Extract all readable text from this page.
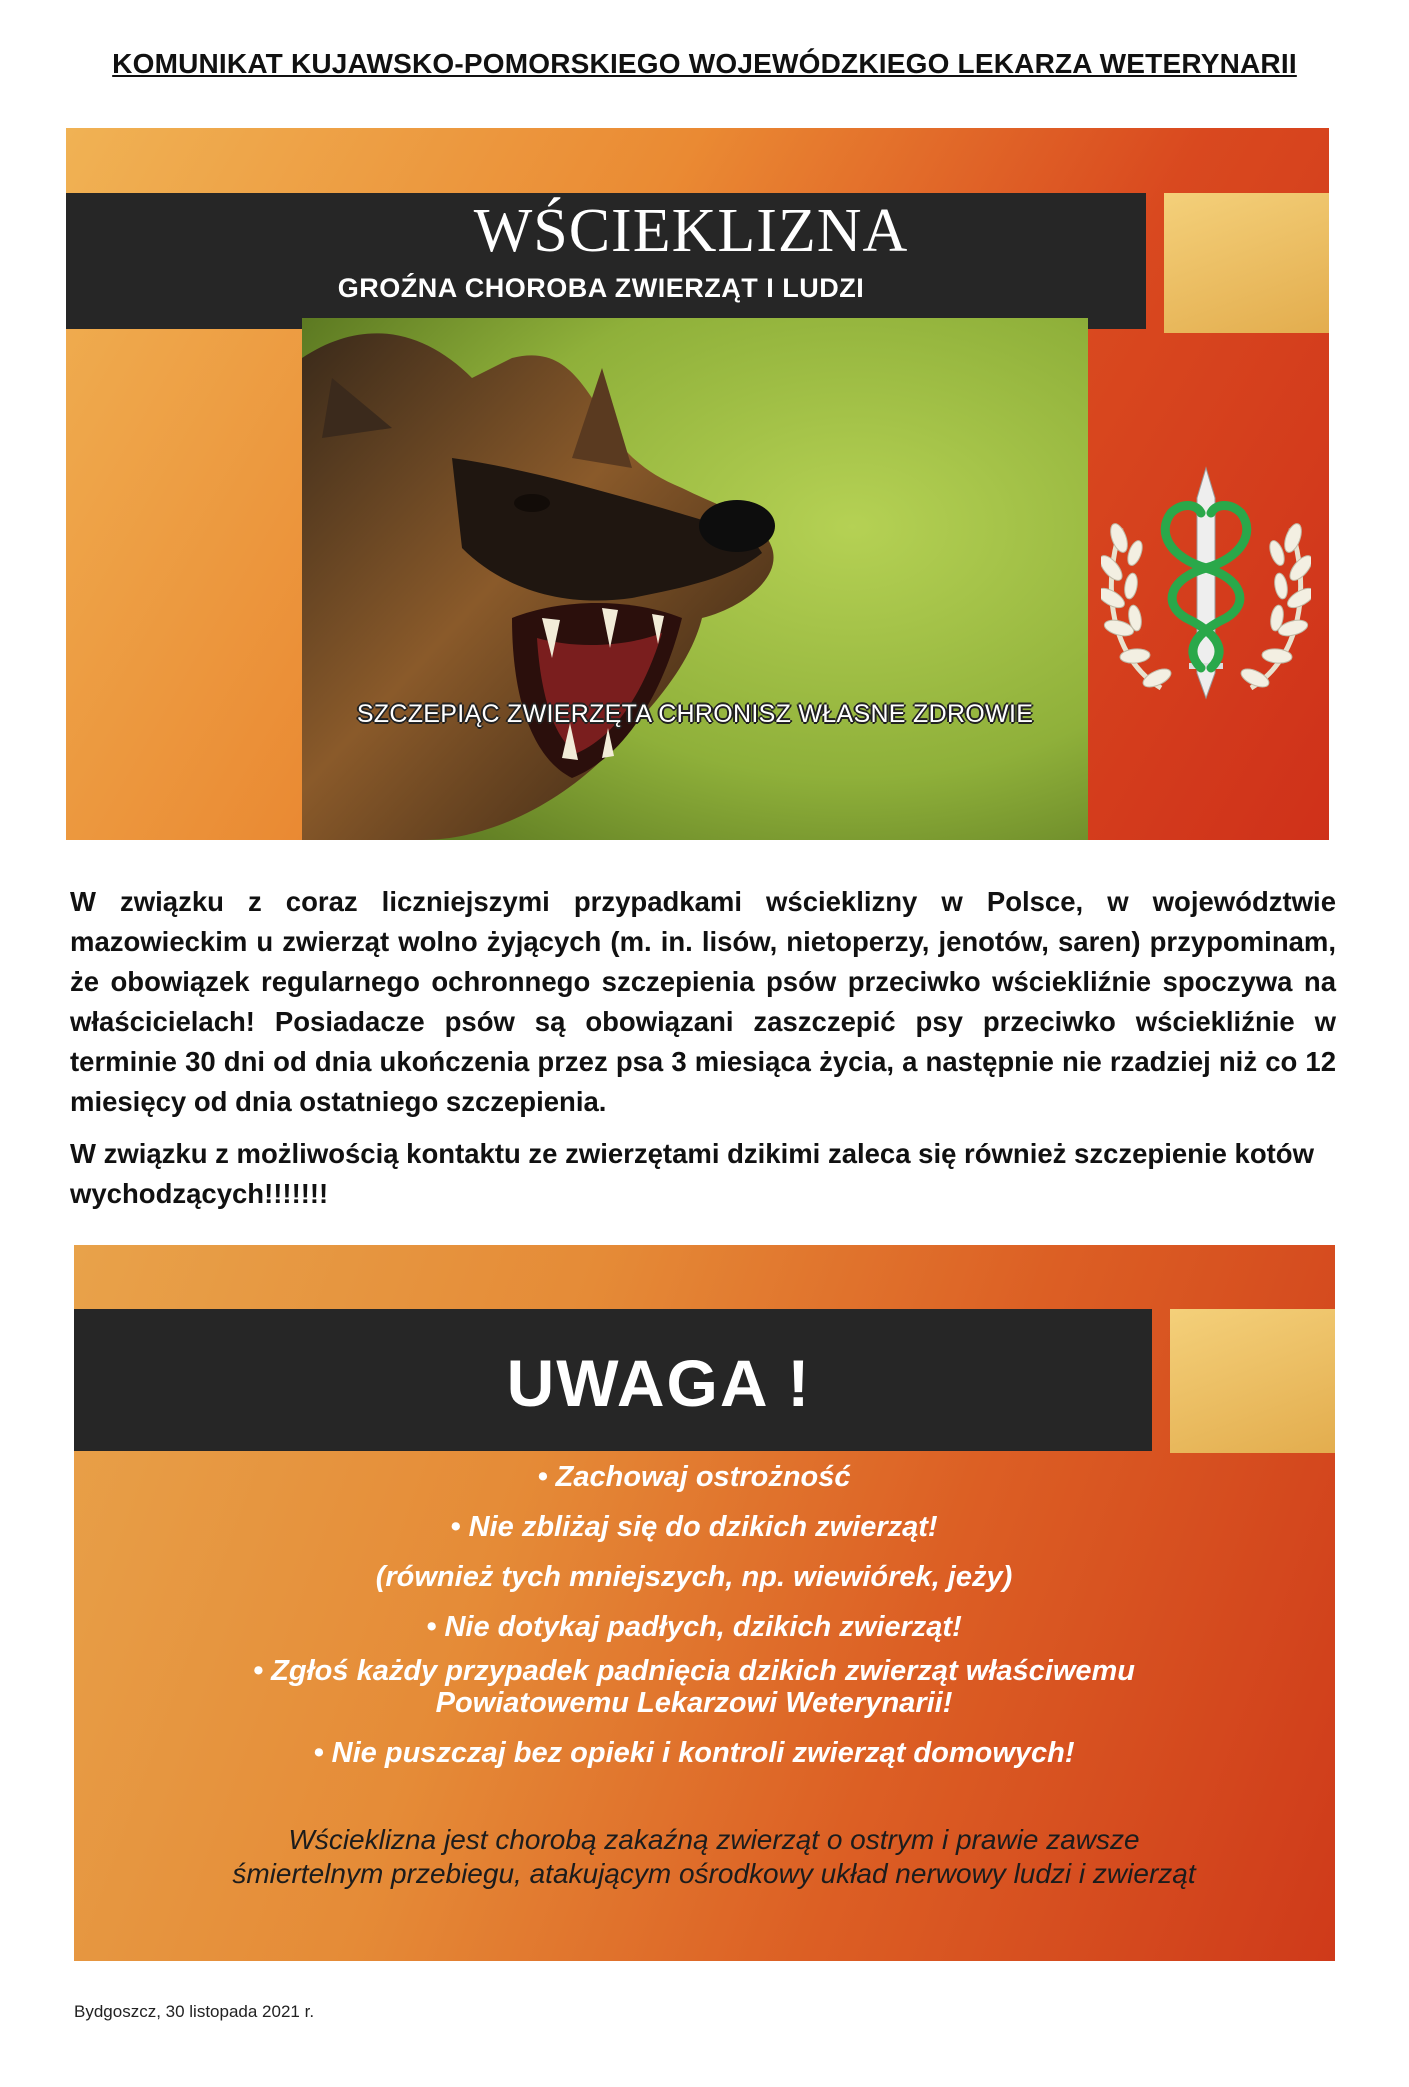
KOMUNIKAT KUJAWSKO-POMORSKIEGO WOJEWÓDZKIEGO LEKARZA WETERYNARII
WŚCIEKLIZNA
GROŹNA CHOROBA ZWIERZĄT I LUDZI
SZCZEPIĄC ZWIERZĘTA CHRONISZ WŁASNE ZDROWIE

W związku z coraz liczniejszymi przypadkami wścieklizny w Polsce, w województwie mazowieckim u zwierząt wolno żyjących (m. in. lisów, nietoperzy, jenotów, saren) przypominam, że obowiązek regularnego ochronnego szczepienia psów przeciwko wściekliźnie spoczywa na właścicielach! Posiadacze psów są obowiązani zaszczepić psy przeciwko wściekliźnie w terminie 30 dni od dnia ukończenia przez psa 3 miesiąca życia, a następnie nie rzadziej niż co 12 miesięcy od dnia ostatniego szczepienia.

W związku z możliwością kontaktu ze zwierzętami dzikimi zaleca się również szczepienie kotów wychodzących!!!!!!!

UWAGA !
• Zachowaj ostrożność
• Nie zbliżaj się do dzikich zwierząt!
(również tych mniejszych, np. wiewiórek, jeży)
• Nie dotykaj padłych, dzikich zwierząt!
• Zgłoś każdy przypadek padnięcia dzikich zwierząt właściwemu Powiatowemu Lekarzowi Weterynarii!
• Nie puszczaj bez opieki i kontroli zwierząt domowych!
Wścieklizna jest chorobą zakaźną zwierząt o ostrym i prawie zawsze śmiertelnym przebiegu, atakującym ośrodkowy układ nerwowy ludzi i zwierząt
Bydgoszcz, 30 listopada 2021 r.
